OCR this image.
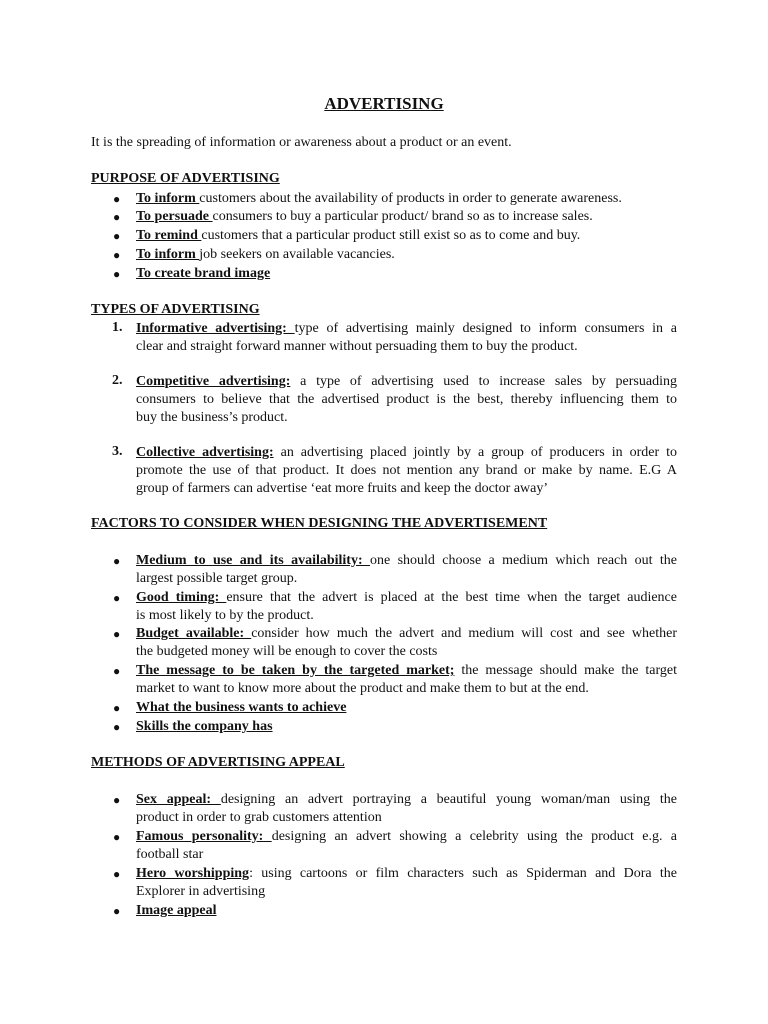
ADVERTISING
It is the spreading of information or awareness about a product or an event.
PURPOSE OF ADVERTISING
● To inform customers about the availability of products in order to generate awareness.
● To persuade consumers to buy a particular product/ brand so as to increase sales.
● To remind customers that a particular product still exist so as to come and buy.
● To inform job seekers on available vacancies.
● To create brand image
TYPES OF ADVERTISING
1. Informative advertising: type of advertising mainly designed to inform consumers in a
clear and straight forward manner without persuading them to buy the product.
2. Competitive advertising: a type of advertising used to increase sales by persuading
consumers to believe that the advertised product is the best, thereby influencing them to
buy the business’s product.
3. Collective advertising: an advertising placed jointly by a group of producers in order to
promote the use of that product. It does not mention any brand or make by name. E.G A
group of farmers can advertise ‘eat more fruits and keep the doctor away’
FACTORS TO CONSIDER WHEN DESIGNING THE ADVERTISEMENT
● Medium to use and its availability: one should choose a medium which reach out the
largest possible target group.
● Good timing: ensure that the advert is placed at the best time when the target audience
is most likely to by the product.
● Budget available: consider how much the advert and medium will cost and see whether
the budgeted money will be enough to cover the costs
● The message to be taken by the targeted market; the message should make the target
market to want to know more about the product and make them to but at the end.
● What the business wants to achieve
● Skills the company has
METHODS OF ADVERTISING APPEAL
● Sex appeal: designing an advert portraying a beautiful young woman/man using the
product in order to grab customers attention
● Famous personality: designing an advert showing a celebrity using the product e.g. a
football star
● Hero worshipping: using cartoons or film characters such as Spiderman and Dora the
Explorer in advertising
● Image appeal
